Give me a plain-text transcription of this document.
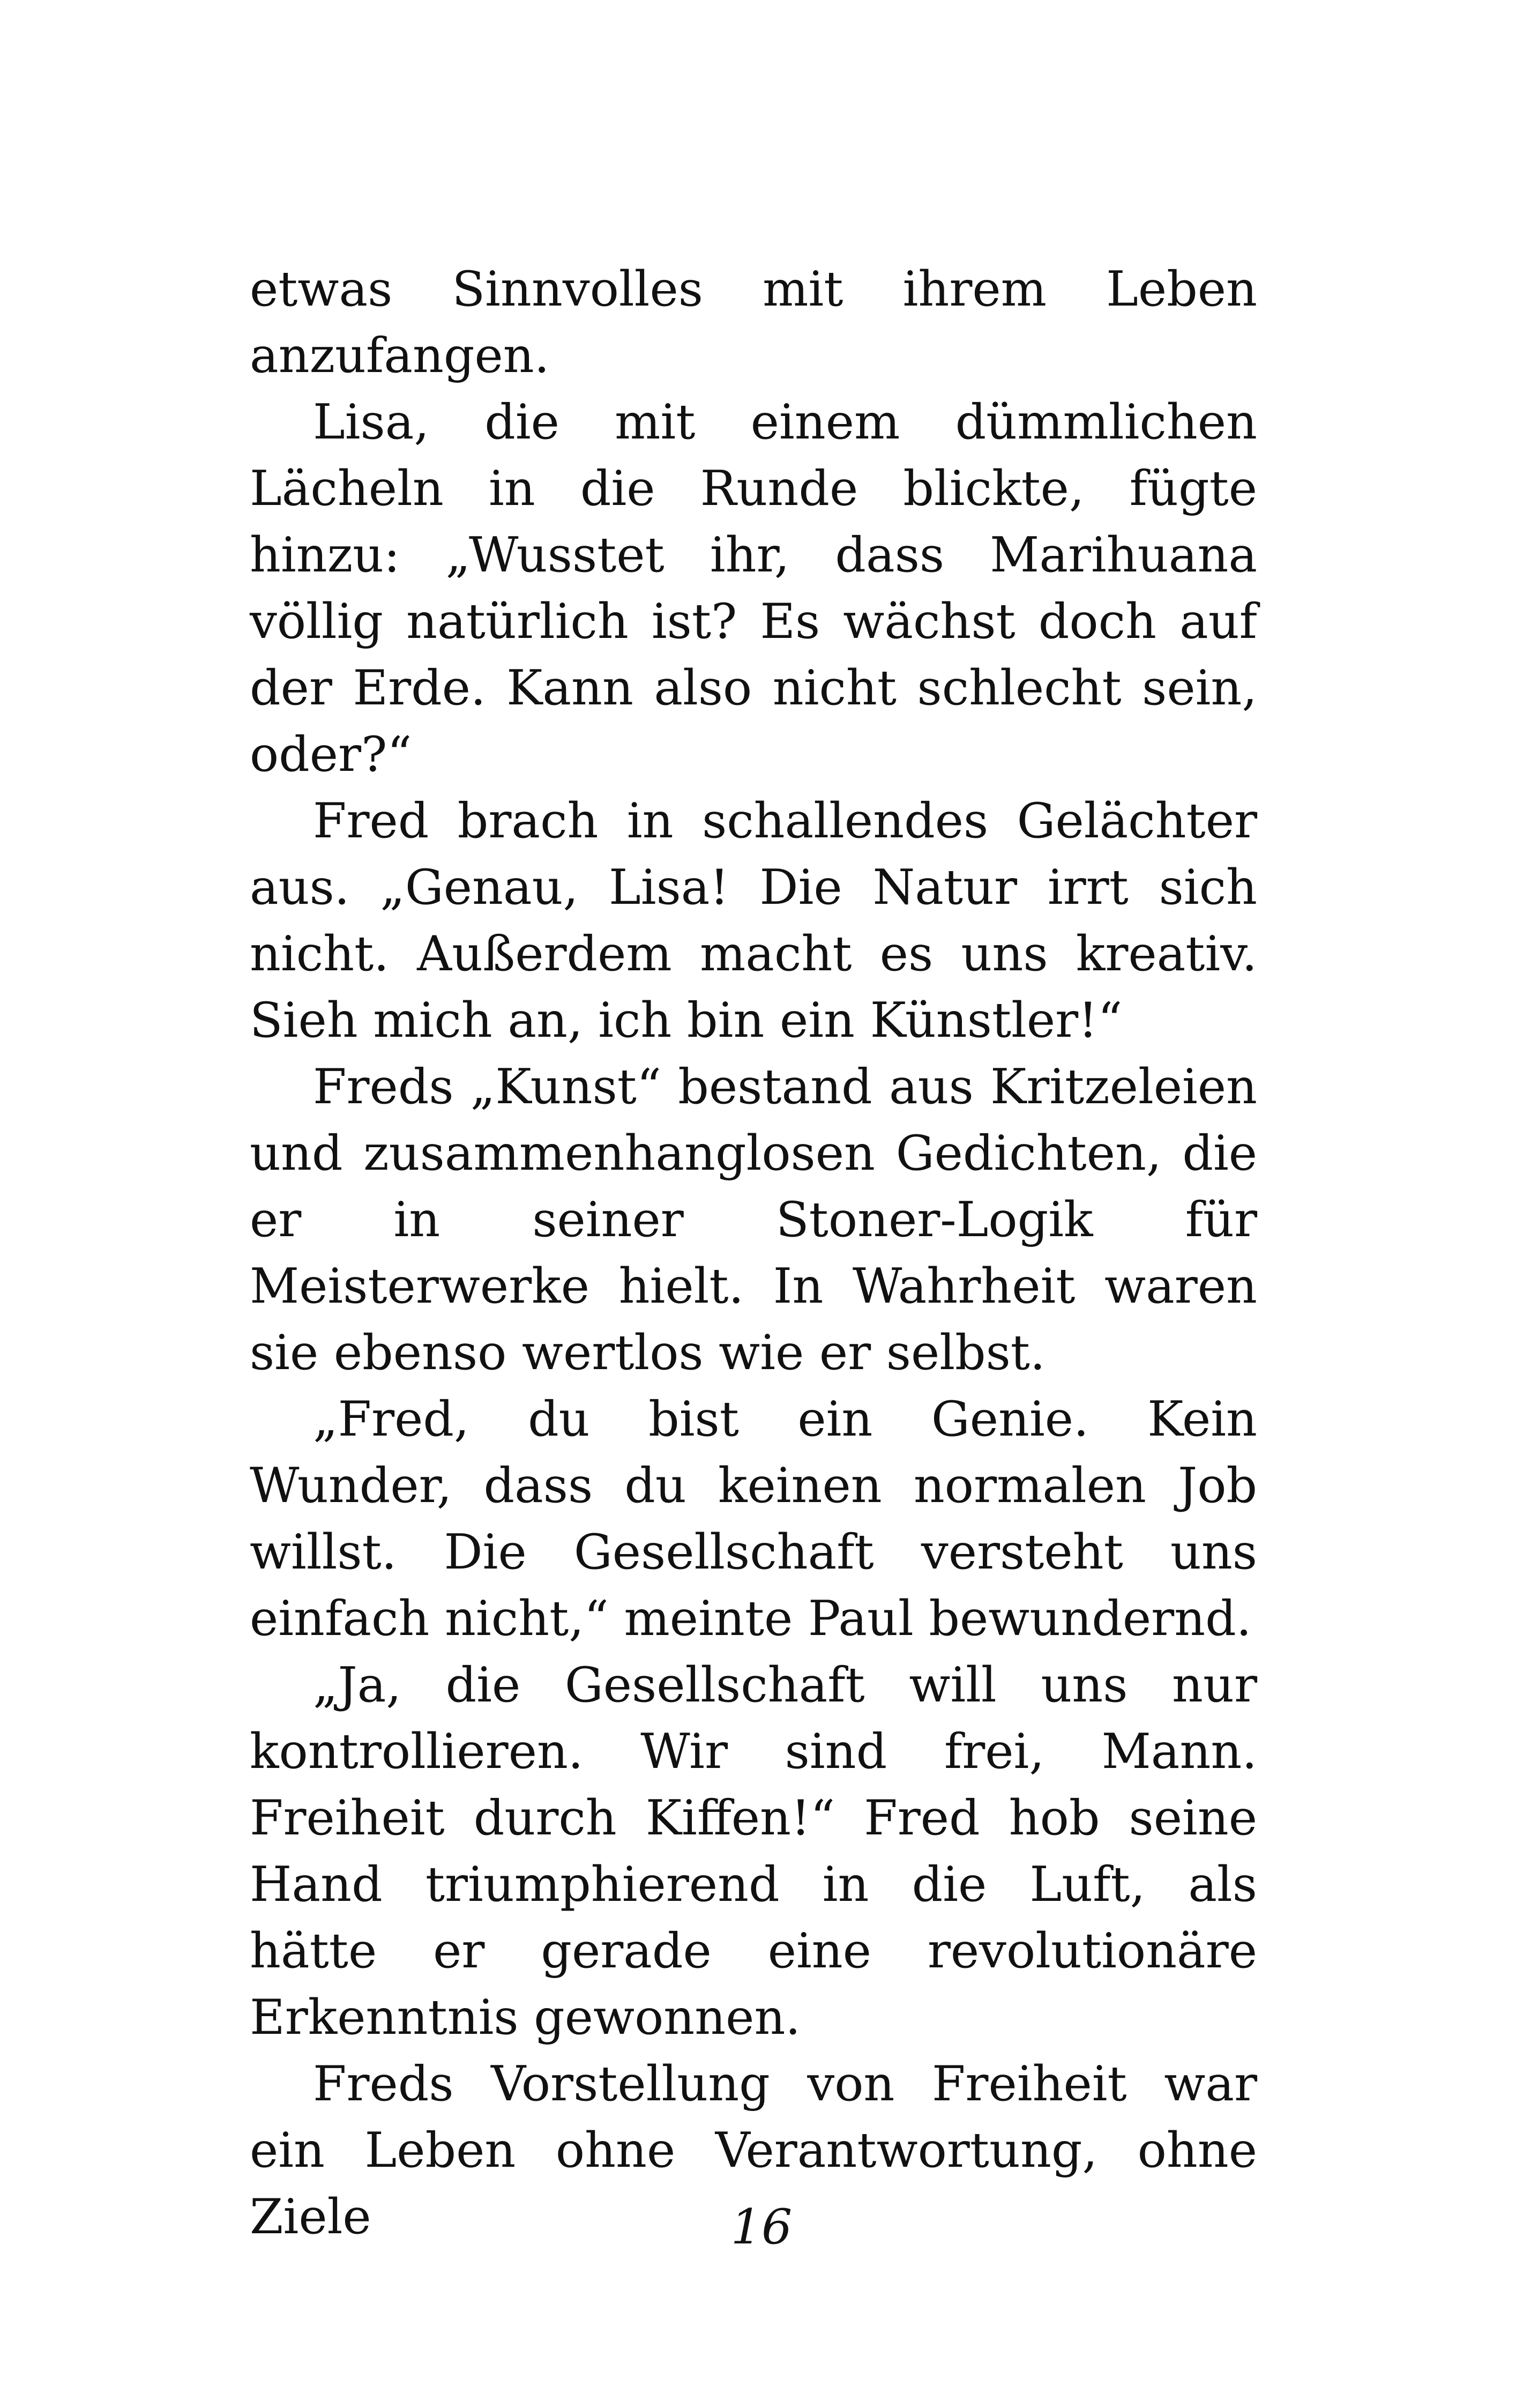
etwas Sinnvolles mit ihrem Leben anzufangen.

Lisa, die mit einem dümmlichen Lächeln in die Runde blickte, fügte hinzu: „Wusstet ihr, dass Marihuana völlig natürlich ist? Es wächst doch auf der Erde. Kann also nicht schlecht sein, oder?“

Fred brach in schallendes Gelächter aus. „Genau, Lisa! Die Natur irrt sich nicht. Außerdem macht es uns kreativ. Sieh mich an, ich bin ein Künstler!“

Freds „Kunst“ bestand aus Kritzeleien und zusammenhanglosen Gedichten, die er in seiner Stoner-Logik für Meisterwerke hielt. In Wahrheit waren sie ebenso wertlos wie er selbst.

„Fred, du bist ein Genie. Kein Wunder, dass du keinen normalen Job willst. Die Gesellschaft versteht uns einfach nicht,“ meinte Paul bewundernd.

„Ja, die Gesellschaft will uns nur kontrollieren. Wir sind frei, Mann. Freiheit durch Kiffen!“ Fred hob seine Hand triumphierend in die Luft, als hätte er gerade eine revolutionäre Erkenntnis gewonnen.

Freds Vorstellung von Freiheit war ein Leben ohne Verantwortung, ohne Ziele	16
